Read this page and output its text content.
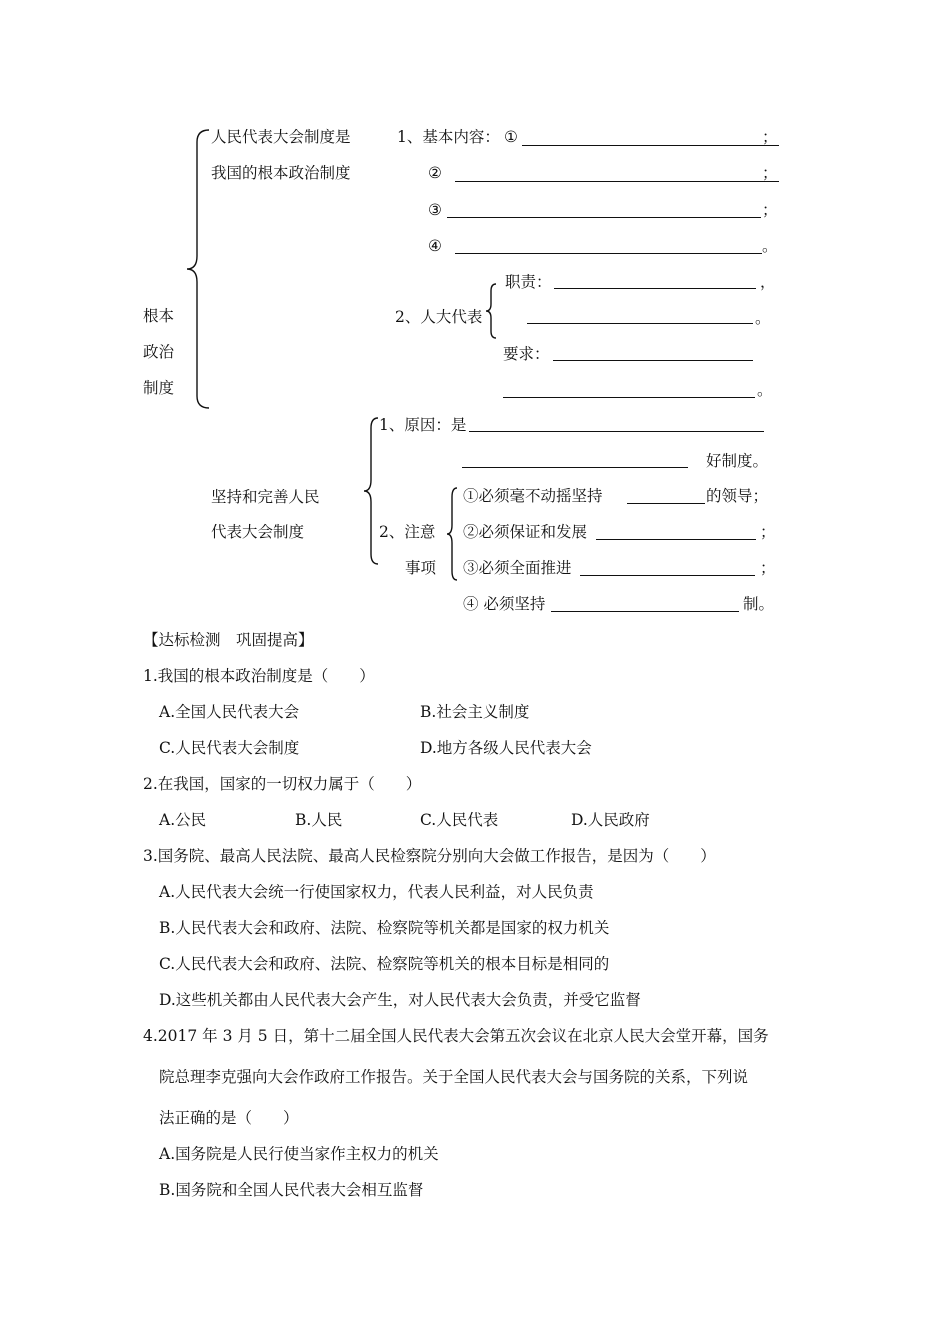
根本
政治
制度
人民代表大会制度是
我国的根本政治制度
1、基本内容： ①	；
②	；
③	；
④	。
2、人大代表
职责：	，
。
要求：
。
坚持和完善人民
代表大会制度
1、原因：是
好制度。
2、注意
事项
①必须毫不动摇坚持	的领导；
②必须保证和发展	；
③必须全面推进	；
④ 必须坚持	制。
【达标检测　巩固提高】
1.我国的根本政治制度是（　　）
A.全国人民代表大会	B.社会主义制度
C.人民代表大会制度	D.地方各级人民代表大会
2.在我国，国家的一切权力属于（　　）
A.公民	B.人民	C.人民代表	D.人民政府
3.国务院、最高人民法院、最高人民检察院分别向大会做工作报告，是因为（　　）
A.人民代表大会统一行使国家权力，代表人民利益，对人民负责
B.人民代表大会和政府、法院、检察院等机关都是国家的权力机关
C.人民代表大会和政府、法院、检察院等机关的根本目标是相同的
D.这些机关都由人民代表大会产生，对人民代表大会负责，并受它监督
4.2017 年 3 月 5 日，第十二届全国人民代表大会第五次会议在北京人民大会堂开幕，国务
院总理李克强向大会作政府工作报告。关于全国人民代表大会与国务院的关系，下列说
法正确的是（　　）
A.国务院是人民行使当家作主权力的机关
B.国务院和全国人民代表大会相互监督
